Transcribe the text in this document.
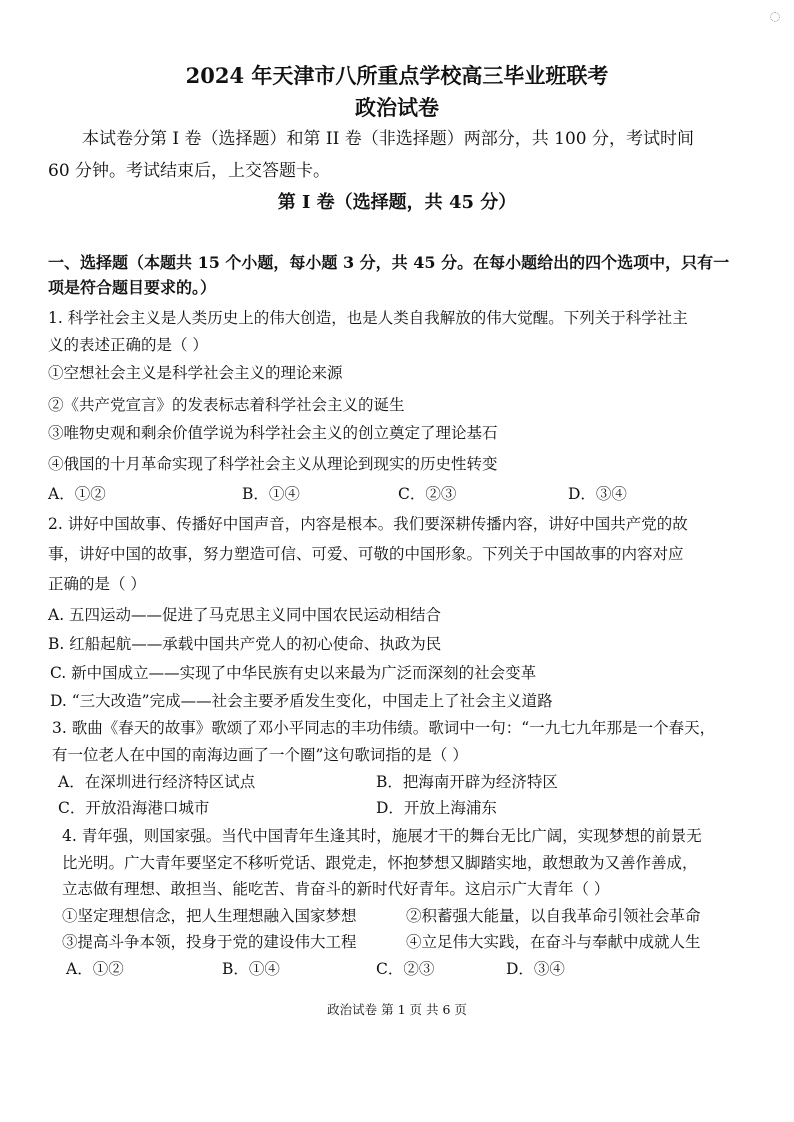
2024 年天津市八所重点学校高三毕业班联考
政治试卷
本试卷分第 I 卷（选择题）和第 II 卷（非选择题）两部分，共 100 分，考试时间
60 分钟。考试结束后，上交答题卡。
第 I 卷（选择题，共 45 分）
一、选择题（本题共 15 个小题，每小题 3 分，共 45 分。在每小题给出的四个选项中，只有一
项是符合题目要求的。）
1. 科学社会主义是人类历史上的伟大创造，也是人类自我解放的伟大觉醒。下列关于科学社主
义的表述正确的是（ ）
①空想社会主义是科学社会主义的理论来源
②《共产党宣言》的发表标志着科学社会主义的诞生
③唯物史观和剩余价值学说为科学社会主义的创立奠定了理论基石
④俄国的十月革命实现了科学社会主义从理论到现实的历史性转变
A．①②	B．①④	C．②③	D．③④
2. 讲好中国故事、传播好中国声音，内容是根本。我们要深耕传播内容，讲好中国共产党的故
事，讲好中国的故事，努力塑造可信、可爱、可敬的中国形象。下列关于中国故事的内容对应
正确的是（ ）
A. 五四运动——促进了马克思主义同中国农民运动相结合
B. 红船起航——承载中国共产党人的初心使命、执政为民
C. 新中国成立——实现了中华民族有史以来最为广泛而深刻的社会变革
D. “三大改造”完成——社会主要矛盾发生变化，中国走上了社会主义道路
3. 歌曲《春天的故事》歌颂了邓小平同志的丰功伟绩。歌词中一句：“一九七九年那是一个春天，
有一位老人在中国的南海边画了一个圈”这句歌词指的是（ ）
A．在深圳进行经济特区试点	B．把海南开辟为经济特区
C．开放沿海港口城市	D．开放上海浦东
4. 青年强，则国家强。当代中国青年生逢其时，施展才干的舞台无比广阔，实现梦想的前景无
比光明。广大青年要坚定不移听党话、跟党走，怀抱梦想又脚踏实地，敢想敢为又善作善成，
立志做有理想、敢担当、能吃苦、肯奋斗的新时代好青年。这启示广大青年（ ）
①坚定理想信念，把人生理想融入国家梦想	②积蓄强大能量，以自我革命引领社会革命
③提高斗争本领，投身于党的建设伟大工程	④立足伟大实践，在奋斗与奉献中成就人生
A．①②	B．①④	C．②③	D．③④
政治试卷 第 1 页 共 6 页
